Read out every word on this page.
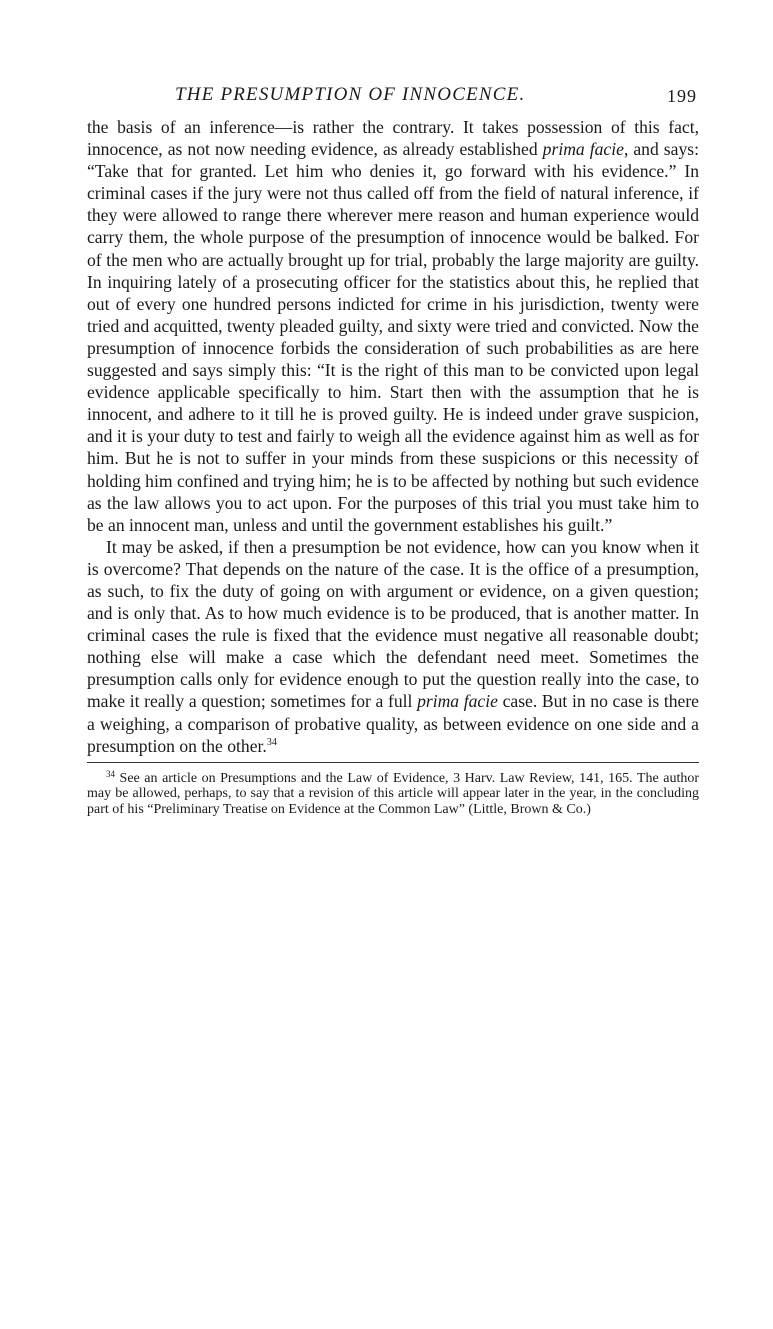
THE PRESUMPTION OF INNOCENCE.	199

the basis of an inference—is rather the contrary. It takes possession of this fact, innocence, as not now needing evidence, as already established prima facie, and says: “Take that for granted. Let him who denies it, go forward with his evidence.” In criminal cases if the jury were not thus called off from the field of natural inference, if they were allowed to range there wherever mere reason and human experience would carry them, the whole purpose of the presumption of innocence would be balked. For of the men who are actually brought up for trial, probably the large majority are guilty. In inquiring lately of a prosecuting officer for the statistics about this, he replied that out of every one hundred persons indicted for crime in his jurisdiction, twenty were tried and acquitted, twenty pleaded guilty, and sixty were tried and convicted. Now the presumption of innocence forbids the consideration of such probabilities as are here suggested and says simply this: “It is the right of this man to be convicted upon legal evidence applicable specifically to him. Start then with the assumption that he is innocent, and adhere to it till he is proved guilty. He is indeed under grave suspicion, and it is your duty to test and fairly to weigh all the evidence against him as well as for him. But he is not to suffer in your minds from these suspicions or this necessity of holding him confined and trying him; he is to be affected by nothing but such evidence as the law allows you to act upon. For the purposes of this trial you must take him to be an innocent man, unless and until the government establishes his guilt.”

It may be asked, if then a presumption be not evidence, how can you know when it is overcome? That depends on the nature of the case. It is the office of a presumption, as such, to fix the duty of going on with argument or evidence, on a given question; and is only that. As to how much evidence is to be produced, that is another matter. In criminal cases the rule is fixed that the evidence must negative all reasonable doubt; nothing else will make a case which the defendant need meet. Sometimes the presumption calls only for evidence enough to put the question really into the case, to make it really a question; sometimes for a full prima facie case. But in no case is there a weighing, a comparison of probative quality, as between evidence on one side and a presumption on the other.$^{34}$

$^{34}$ See an article on Presumptions and the Law of Evidence, 3 Harv. Law Review, 141, 165. The author may be allowed, perhaps, to say that a revision of this article will appear later in the year, in the concluding part of his “Preliminary Treatise on Evidence at the Common Law” (Little, Brown & Co.)
